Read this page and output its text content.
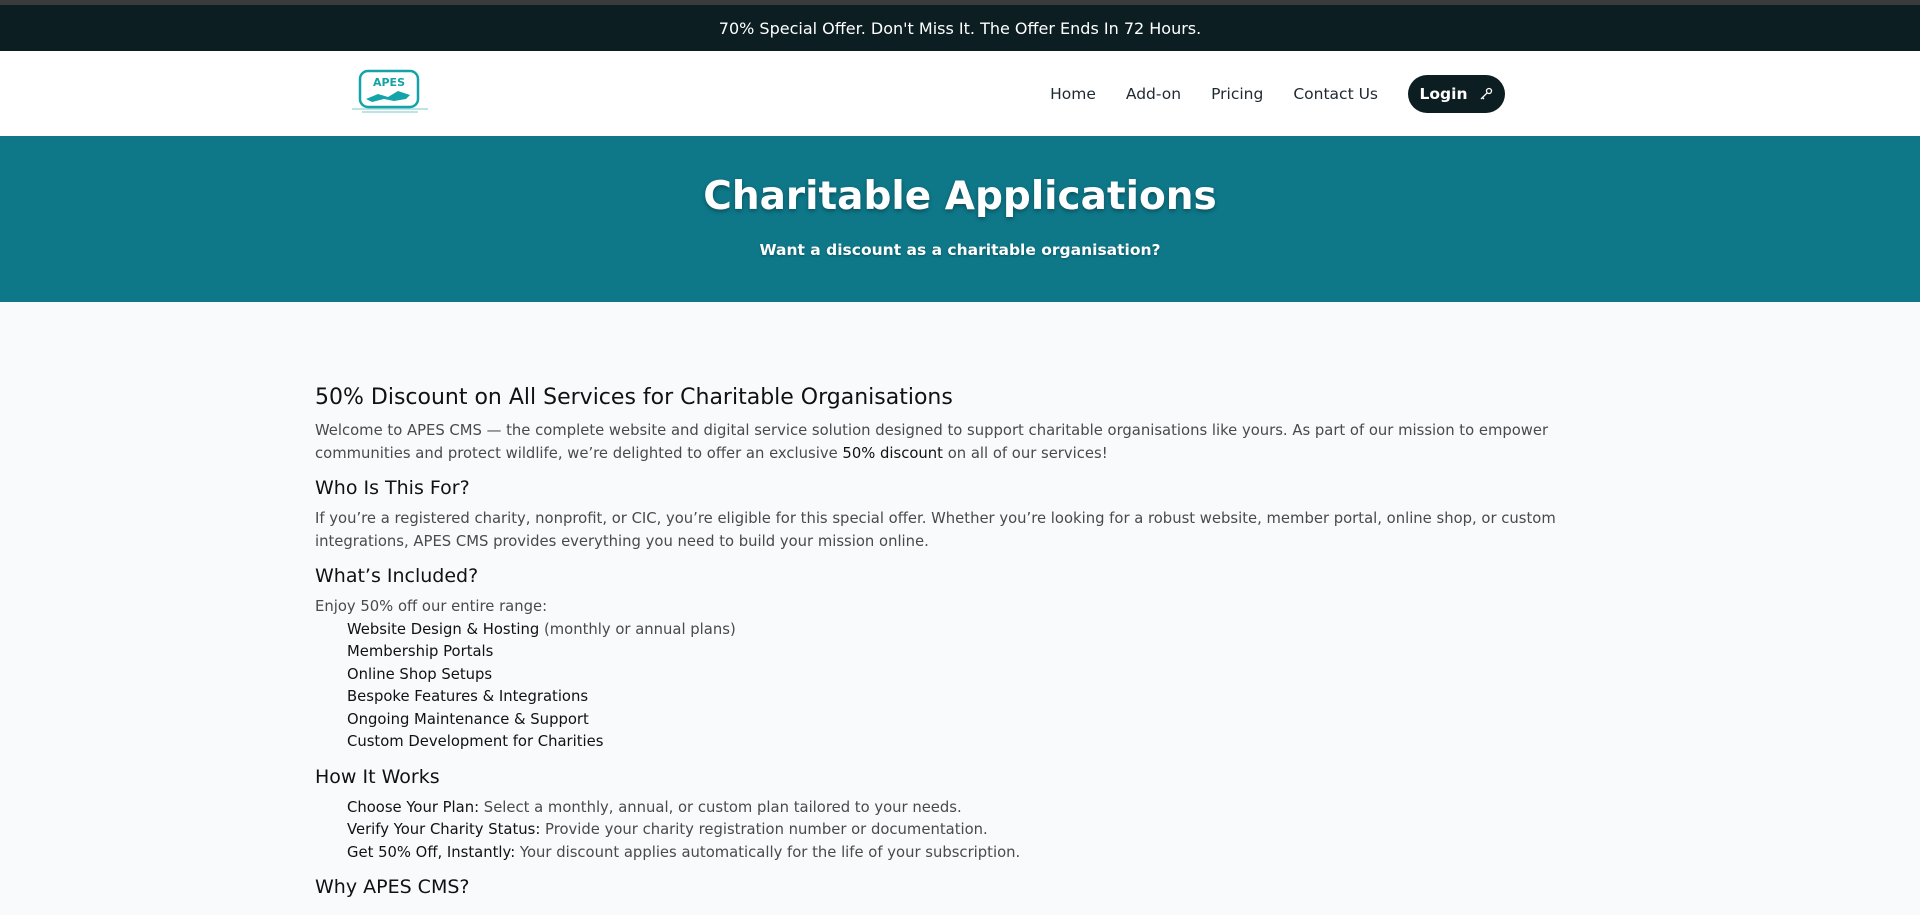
70% Special Offer. Don't Miss It. The Offer Ends In 72 Hours.
APES
Home Add-on Pricing Contact Us	Login
Charitable Applications

Want a discount as a charitable organisation?

50% Discount on All Services for Charitable Organisations

Welcome to APES CMS — the complete website and digital service solution designed to support charitable organisations like yours. As part of our mission to empower communities and protect wildlife, we’re delighted to offer an exclusive 50% discount on all of our services!

Who Is This For?

If you’re a registered charity, nonprofit, or CIC, you’re eligible for this special offer. Whether you’re looking for a robust website, member portal, online shop, or custom integrations, APES CMS provides everything you need to build your mission online.

What’s Included?

Enjoy 50% off our entire range:

Website Design & Hosting (monthly or annual plans)
Membership Portals
Online Shop Setups
Bespoke Features & Integrations
Ongoing Maintenance & Support
Custom Development for Charities
How It Works
Choose Your Plan: Select a monthly, annual, or custom plan tailored to your needs.
Verify Your Charity Status: Provide your charity registration number or documentation.
Get 50% Off, Instantly: Your discount applies automatically for the life of your subscription.
Why APES CMS?
